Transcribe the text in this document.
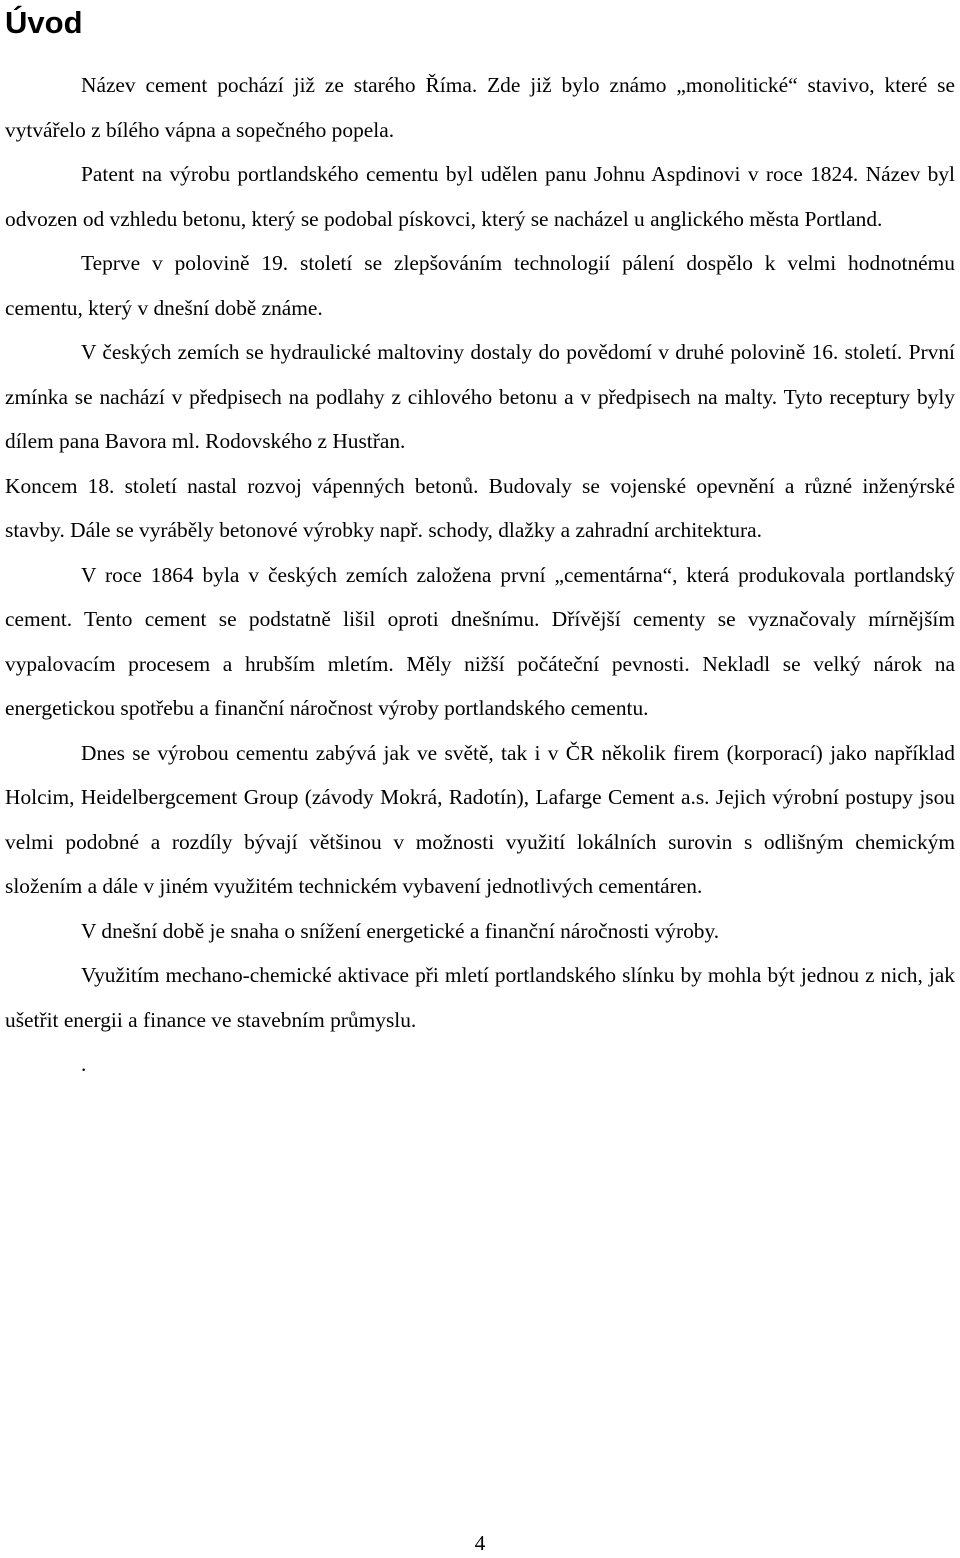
Úvod

Název cement pochází již ze starého Říma. Zde již bylo známo „monolitické“ stavivo, které se vytvářelo z bílého vápna a sopečného popela.

Patent na výrobu portlandského cementu byl udělen panu Johnu Aspdinovi v roce 1824. Název byl odvozen od vzhledu betonu, který se podobal pískovci, který se nacházel u anglického města Portland.

Teprve v polovině 19. století se zlepšováním technologií pálení dospělo k velmi hodnotnému cementu, který v dnešní době známe.

V českých zemích se hydraulické maltoviny dostaly do povědomí v druhé polovině 16. století. První zmínka se nachází v předpisech na podlahy z cihlového betonu a v předpisech na malty. Tyto receptury byly dílem pana Bavora ml. Rodovského z Hustřan.

Koncem 18. století nastal rozvoj vápenných betonů. Budovaly se vojenské opevnění a různé inženýrské stavby. Dále se vyráběly betonové výrobky např. schody, dlažky a zahradní architektura.

V roce 1864 byla v českých zemích založena první „cementárna“, která produkovala portlandský cement. Tento cement se podstatně lišil oproti dnešnímu. Dřívější cementy se vyznačovaly mírnějším vypalovacím procesem a hrubším mletím. Měly nižší počáteční pevnosti. Nekladl se velký nárok na energetickou spotřebu a finanční náročnost výroby portlandského cementu.

Dnes se výrobou cementu zabývá jak ve světě, tak i v ČR několik firem (korporací) jako například Holcim, Heidelbergcement Group (závody Mokrá, Radotín), Lafarge Cement a.s. Jejich výrobní postupy jsou velmi podobné a rozdíly bývají většinou v možnosti využití lokálních surovin s odlišným chemickým složením a dále v jiném využitém technickém vybavení jednotlivých cementáren.

V dnešní době je snaha o snížení energetické a finanční náročnosti výroby.

Využitím mechano-chemické aktivace při mletí portlandského slínku by mohla být jednou z nich, jak ušetřit energii a finance ve stavebním průmyslu.

.

4
